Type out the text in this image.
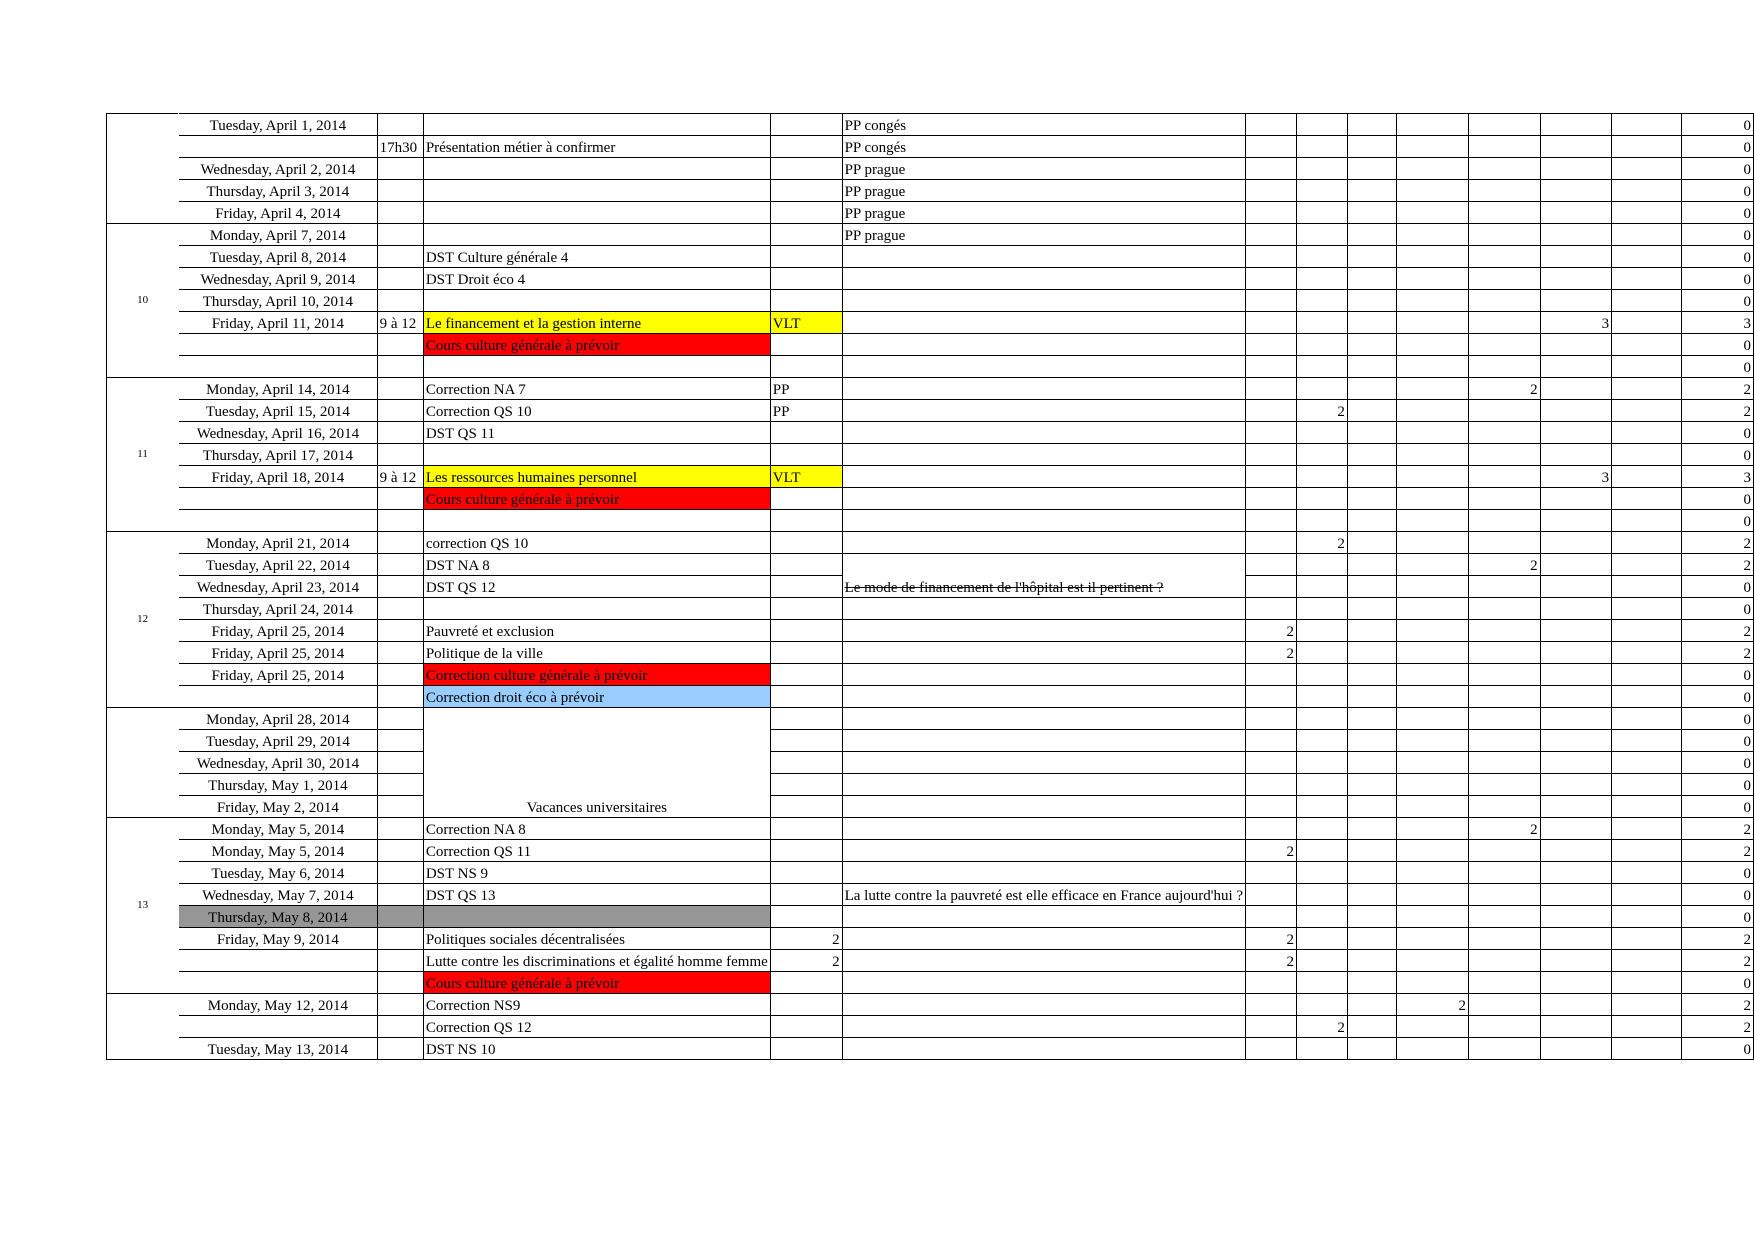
	Tuesday, April 1, 2014				PP congés								0
		17h30	Présentation métier à confirmer		PP congés								0
	Wednesday, April 2, 2014				PP prague								0
	Thursday, April 3, 2014				PP prague								0
	Friday, April 4, 2014				PP prague								0
10	Monday, April 7, 2014				PP prague								0
	Tuesday, April 8, 2014		DST Culture générale 4										0
	Wednesday, April 9, 2014		DST Droit éco 4										0
	Thursday, April 10, 2014												0
	Friday, April 11, 2014	9 à 12	Le financement et la gestion interne	VLT							3		3
			Cours culture générale à prévoir										0
													0
11	Monday, April 14, 2014		Correction NA 7	PP						2			2
	Tuesday, April 15, 2014		Correction QS 10	PP			2						2
	Wednesday, April 16, 2014		DST QS 11										0
	Thursday, April 17, 2014												0
	Friday, April 18, 2014	9 à 12	Les ressources humaines personnel	VLT							3		3
			Cours culture générale à prévoir										0
													0
12	Monday, April 21, 2014		correction QS 10				2						2
	Tuesday, April 22, 2014		DST NA 8		Le mode de financement de l'hôpital est il pertinent ?					2			2
	Wednesday, April 23, 2014		DST QS 12										0
	Thursday, April 24, 2014												0
	Friday, April 25, 2014		Pauvreté et exclusion			2							2
	Friday, April 25, 2014		Politique de la ville			2							2
	Friday, April 25, 2014		Correction culture générale à prévoir										0
			Correction droit éco à prévoir										0
	Monday, April 28, 2014		Vacances universitaires										0
	Tuesday, April 29, 2014												0
	Wednesday, April 30, 2014												0
	Thursday, May 1, 2014												0
	Friday, May 2, 2014												0
13	Monday, May 5, 2014		Correction NA 8							2			2
	Monday, May 5, 2014		Correction QS 11			2							2
	Tuesday, May 6, 2014		DST NS 9										0
	Wednesday, May 7, 2014		DST QS 13		La lutte contre la pauvreté est elle efficace en France aujourd'hui ?								0
	Thursday, May 8, 2014												0
	Friday, May 9, 2014		Politiques sociales décentralisées	2		2							2
			Lutte contre les discriminations et égalité homme femme	2		2							2
			Cours culture générale à prévoir										0
	Monday, May 12, 2014		Correction NS9						2				2
			Correction QS 12				2						2
	Tuesday, May 13, 2014		DST NS 10										0
